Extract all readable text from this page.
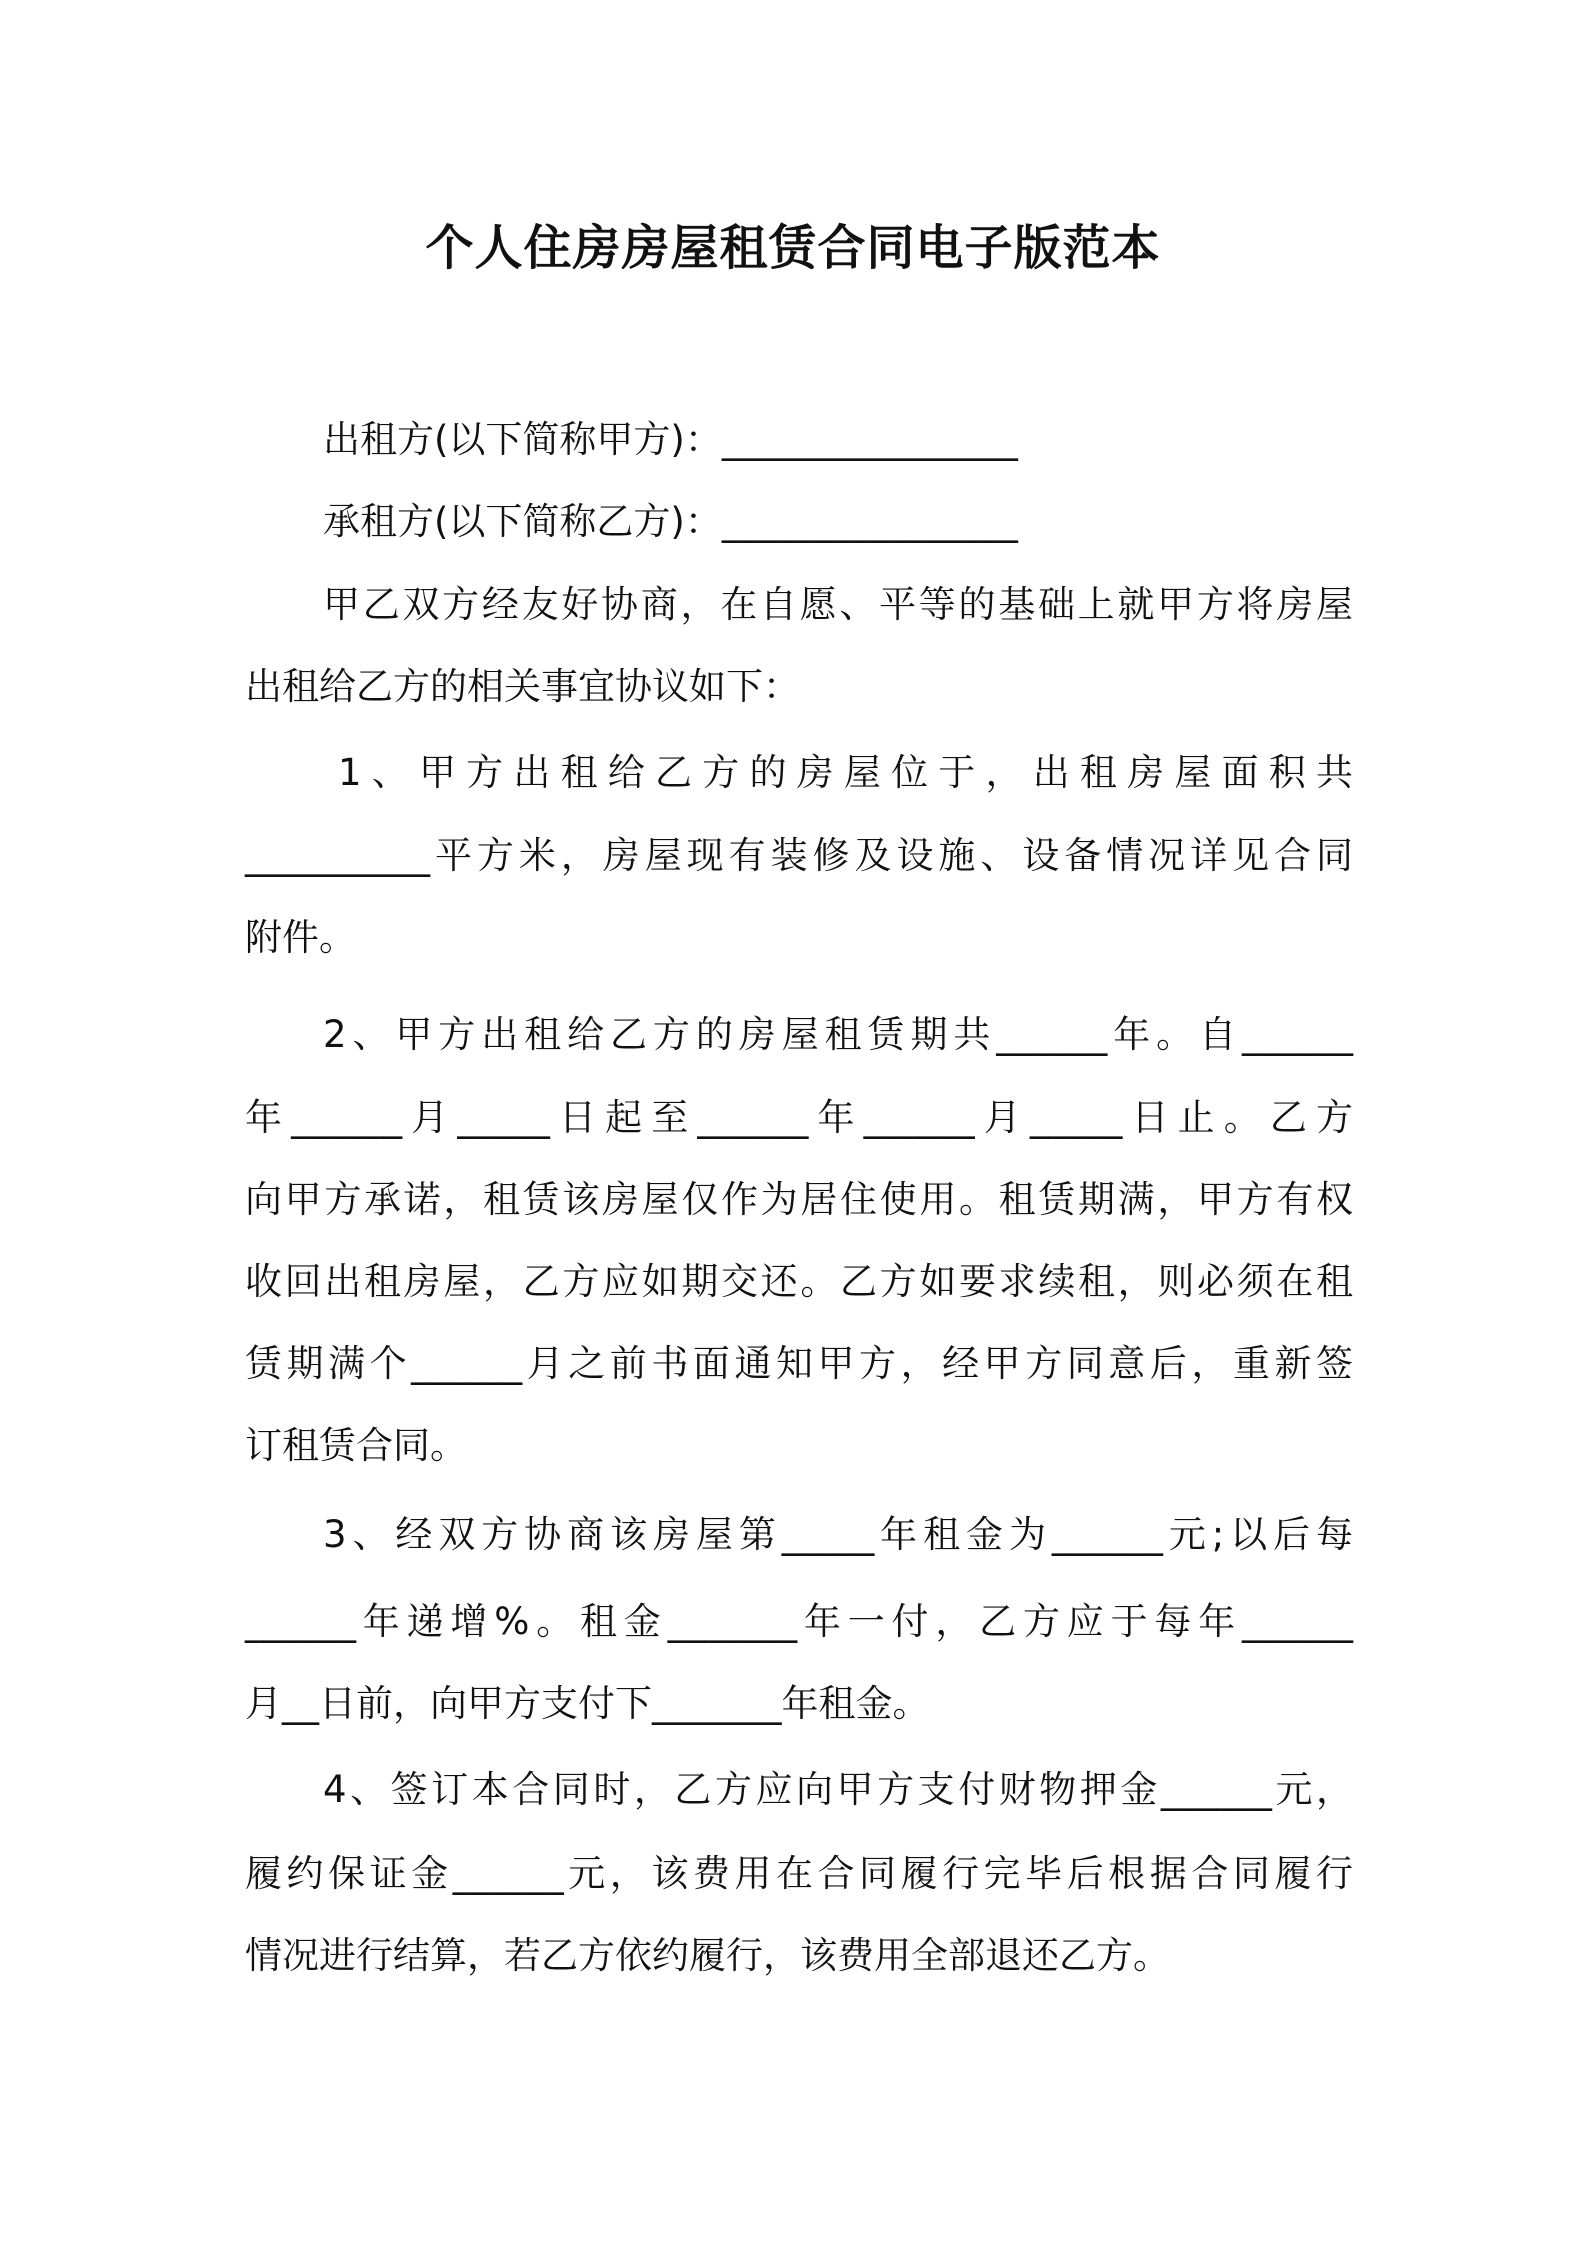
个人住房房屋租赁合同电子版范本
出租方(以下简称甲方)：________________
承租方(以下简称乙方)：________________
甲乙双方经友好协商，在自愿、平等的基础上就甲方将房屋
出租给乙方的相关事宜协议如下：
1、甲方出租给乙方的房屋位于，出租房屋面积共
__________平方米，房屋现有装修及设施、设备情况详见合同
附件。
2、甲方出租给乙方的房屋租赁期共______年。自______
年______月_____日起至______年______月_____日止。乙方
向甲方承诺，租赁该房屋仅作为居住使用。租赁期满，甲方有权
收回出租房屋，乙方应如期交还。乙方如要求续租，则必须在租
赁期满个______月之前书面通知甲方，经甲方同意后，重新签
订租赁合同。
3、经双方协商该房屋第_____年租金为______元;以后每
______年递增%。租金_______年一付，乙方应于每年______
月__日前，向甲方支付下_______年租金。
4、签订本合同时，乙方应向甲方支付财物押金______元，
履约保证金______元，该费用在合同履行完毕后根据合同履行
情况进行结算，若乙方依约履行，该费用全部退还乙方。
